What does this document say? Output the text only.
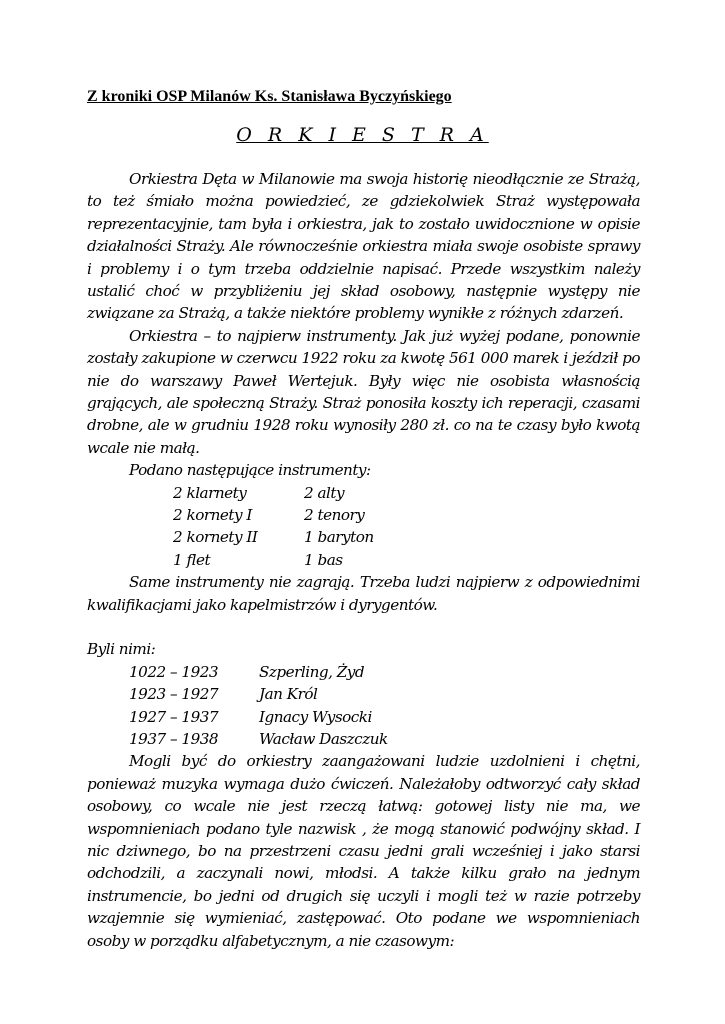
Z kroniki OSP Milanów Ks. Stanisława Byczyńskiego
O R K I E S T R A

Orkiestra Dęta w Milanowie ma swoja historię nieodłącznie ze Strażą, to też śmiało można powiedzieć, ze gdziekolwiek Straż występowała reprezentacyjnie, tam była i orkiestra, jak to zostało uwidocznione w opisie działalności Straży. Ale równocześnie orkiestra miała swoje osobiste sprawy i problemy i o tym trzeba oddzielnie napisać. Przede wszystkim należy ustalić choć w przybliżeniu jej skład osobowy, następnie występy nie związane za Strażą, a także niektóre problemy wynikłe z różnych zdarzeń.

Orkiestra – to najpierw instrumenty. Jak już wyżej podane, ponownie zostały zakupione w czerwcu 1922 roku za kwotę 561 000 marek i jeździł po nie do warszawy Paweł Wertejuk. Były więc nie osobista własnością grających, ale społeczną Straży. Straż ponosiła koszty ich reperacji, czasami drobne, ale w grudniu 1928 roku wynosiły 280 zł. co na te czasy było kwotą wcale nie małą.

Podano następujące instrumenty:

2 klarnety	2 alty
2 kornety I	2 tenory
2 kornety II	1 baryton
1 flet	1 bas

Same instrumenty nie zagrają. Trzeba ludzi najpierw z odpowiednimi kwalifikacjami jako kapelmistrzów i dyrygentów.

Byli nimi:

1022 – 1923	Szperling, Żyd
1923 – 1927	Jan Król
1927 – 1937	Ignacy Wysocki
1937 – 1938	Wacław Daszczuk

Mogli być do orkiestry zaangażowani ludzie uzdolnieni i chętni, ponieważ muzyka wymaga dużo ćwiczeń. Należałoby odtworzyć cały skład osobowy, co wcale nie jest rzeczą łatwą: gotowej listy nie ma, we wspomnieniach podano tyle nazwisk , że mogą stanowić podwójny skład. I nic dziwnego, bo na przestrzeni czasu jedni grali wcześniej i jako starsi odchodzili, a zaczynali nowi, młodsi. A także kilku grało na jednym instrumencie, bo jedni od drugich się uczyli i mogli też w razie potrzeby wzajemnie się wymieniać, zastępować. Oto podane we wspomnieniach osoby w porządku alfabetycznym, a nie czasowym:
